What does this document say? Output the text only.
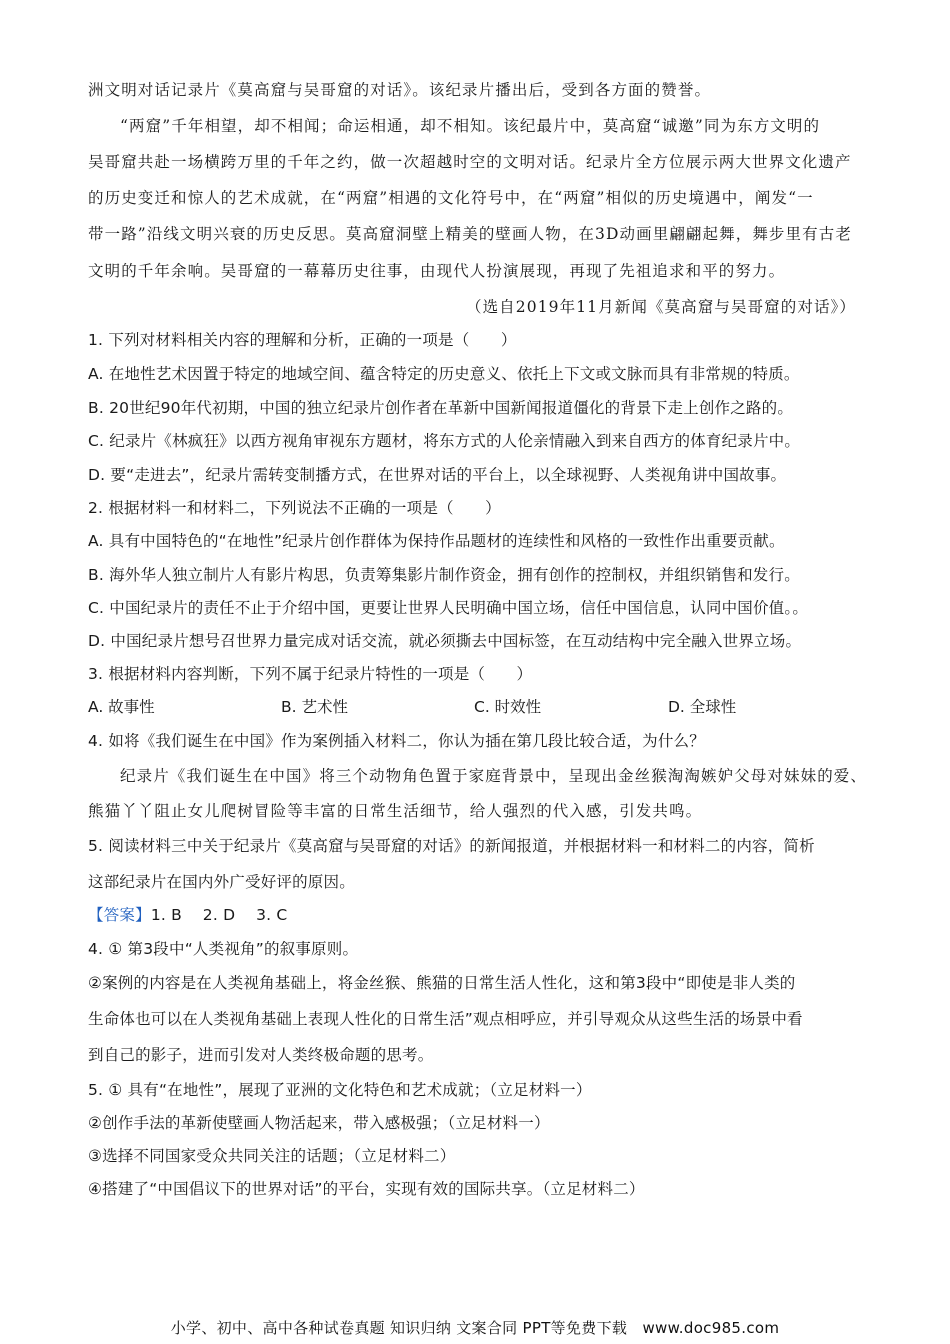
洲文明对话记录片《莫高窟与吴哥窟的对话》。该纪录片播出后，受到各方面的赞誉。
“两窟”千年相望，却不相闻；命运相通，却不相知。该纪最片中，莫高窟“诚邀”同为东方文明的
吴哥窟共赴一场横跨万里的千年之约，做一次超越时空的文明对话。纪录片全方位展示两大世界文化遗产
的历史变迁和惊人的艺术成就，在“两窟”相遇的文化符号中，在“两窟”相似的历史境遇中，阐发“一
带一路”沿线文明兴衰的历史反思。莫高窟洞壁上精美的壁画人物，在3D动画里翩翩起舞，舞步里有古老
文明的千年余响。吴哥窟的一幕幕历史往事，由现代人扮演展现，再现了先祖追求和平的努力。
（选自2019年11月新闻《莫高窟与吴哥窟的对话》）
1. 下列对材料相关内容的理解和分析，正确的一项是（　　）
A. 在地性艺术因置于特定的地域空间、蕴含特定的历史意义、依托上下文或文脉而具有非常规的特质。
B. 20世纪90年代初期，中国的独立纪录片创作者在革新中国新闻报道僵化的背景下走上创作之路的。
C. 纪录片《林疯狂》以西方视角审视东方题材，将东方式的人伦亲情融入到来自西方的体育纪录片中。
D. 要“走进去”，纪录片需转变制播方式，在世界对话的平台上，以全球视野、人类视角讲中国故事。
2. 根据材料一和材料二，下列说法不正确的一项是（　　）
A. 具有中国特色的“在地性”纪录片创作群体为保持作品题材的连续性和风格的一致性作出重要贡献。
B. 海外华人独立制片人有影片构思，负责筹集影片制作资金，拥有创作的控制权，并组织销售和发行。
C. 中国纪录片的责任不止于介绍中国，更要让世界人民明确中国立场，信任中国信息，认同中国价值。。
D. 中国纪录片想号召世界力量完成对话交流，就必须撕去中国标签，在互动结构中完全融入世界立场。
3. 根据材料内容判断，下列不属于纪录片特性的一项是（　　）
A. 故事性	B. 艺术性	C. 时效性	D. 全球性
4. 如将《我们诞生在中国》作为案例插入材料二，你认为插在第几段比较合适，为什么？
纪录片《我们诞生在中国》将三个动物角色置于家庭背景中，呈现出金丝猴淘淘嫉妒父母对妹妹的爱、
熊猫丫丫阻止女儿爬树冒险等丰富的日常生活细节，给人强烈的代入感，引发共鸣。
5. 阅读材料三中关于纪录片《莫高窟与吴哥窟的对话》的新闻报道，并根据材料一和材料二的内容，简析
这部纪录片在国内外广受好评的原因。
【答案】1. B　 2. D　 3. C
4. ① 第3段中“人类视角”的叙事原则。
②案例的内容是在人类视角基础上，将金丝猴、熊猫的日常生活人性化，这和第3段中“即使是非人类的
生命体也可以在人类视角基础上表现人性化的日常生活”观点相呼应，并引导观众从这些生活的场景中看
到自己的影子，进而引发对人类终极命题的思考。
5. ① 具有“在地性”，展现了亚洲的文化特色和艺术成就；（立足材料一）
②创作手法的革新使壁画人物活起来，带入感极强；（立足材料一）
③选择不同国家受众共同关注的话题；（立足材料二）
④搭建了“中国倡议下的世界对话”的平台，实现有效的国际共享。（立足材料二）
小学、初中、高中各种试卷真题 知识归纳 文案合同 PPT等免费下载　www.doc985.com
